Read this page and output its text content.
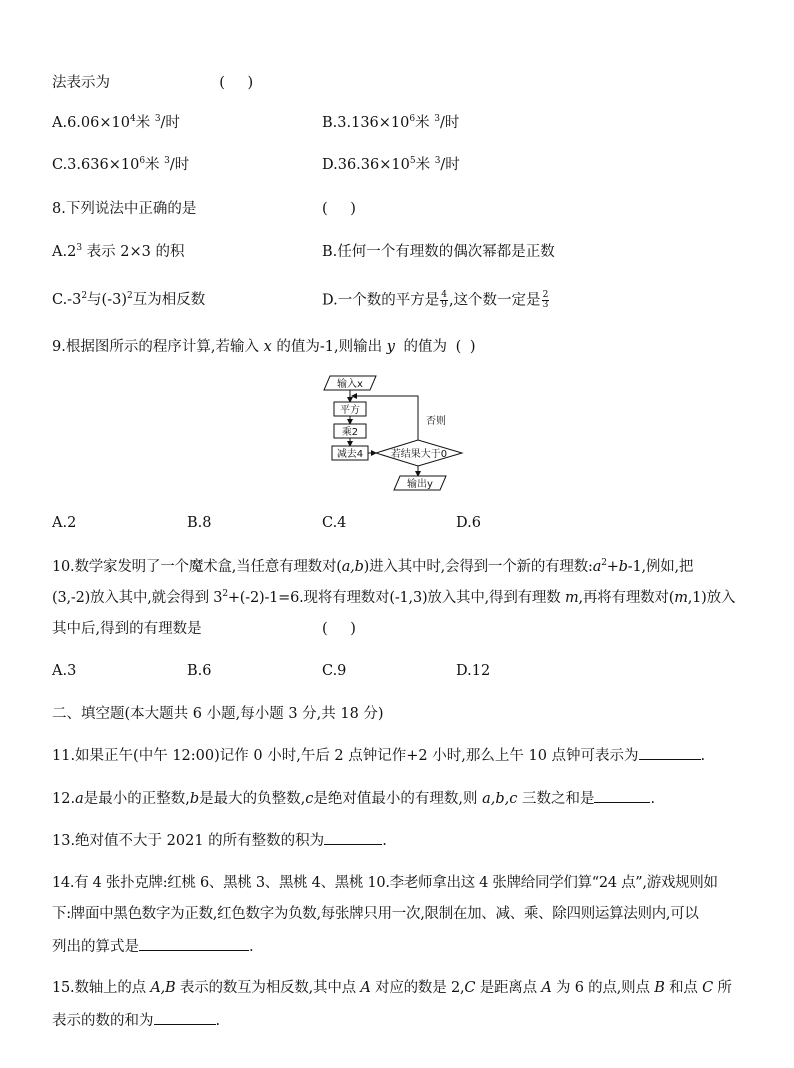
法表示为	( )
$A.6.06\times 10^4$米 $^3$/时	$B.3.136\times 10^6$米 $^3$/时
$C.3.636\times 10^6$米 $^3$/时	$D.36.36\times 10^5$米 $^3$/时
8.下列说法中正确的是	( )
$A.2^3$ 表示 2×3 的积	B.任何一个有理数的偶次幂都是正数
$C.-3^2$与$(-3)^2$互为相反数	D.一个数的平方是 $\frac{4}{9}$ ,这个数一定是 $\frac{2}{3}$
9.根据图所示的程序计算,若输入 x 的值为-1,则输出 y 的值为 ( )
输入x
平方
乘2
减去4	若结果大于0
否则
输出y
A.2	B.8	C.4	D.6
10.数学家发明了一个魔术盒,当任意有理数对(a,b)进入其中时,会得到一个新的有理数$:a^2+b-1$,例如,把
(3,-2)放入其中,就会得到 $3^2+(-2)-1=6$.现将有理数对(-1,3)放入其中,得到有理数 m,再将有理数对(m,1)放入
其中后,得到的有理数是	( )
A.3	B.6	C.9	D.12
二、填空题(本大题共 6 小题,每小题 3 分,共 18 分)
11.如果正午(中午 12:00)记作 0 小时,午后 2 点钟记作+2 小时,那么上午 10 点钟可表示为	.
12.a是最小的正整数,b是最大的负整数,c是绝对值最小的有理数,则 a,b,c 三数之和是	.
13.绝对值不大于 2021 的所有整数的积为	.
14.有 4 张扑克牌:红桃 6、黑桃 3、黑桃 4、黑桃 10.李老师拿出这 4 张牌给同学们算“24 点”,游戏规则如
下:牌面中黑色数字为正数,红色数字为负数,每张牌只用一次,限制在加、减、乘、除四则运算法则内,可以
列出的算式是	.
15.数轴上的点 A,B 表示的数互为相反数,其中点 A 对应的数是 2,C 是距离点 A 为 6 的点,则点 B 和点 C 所
表示的数的和为	.
